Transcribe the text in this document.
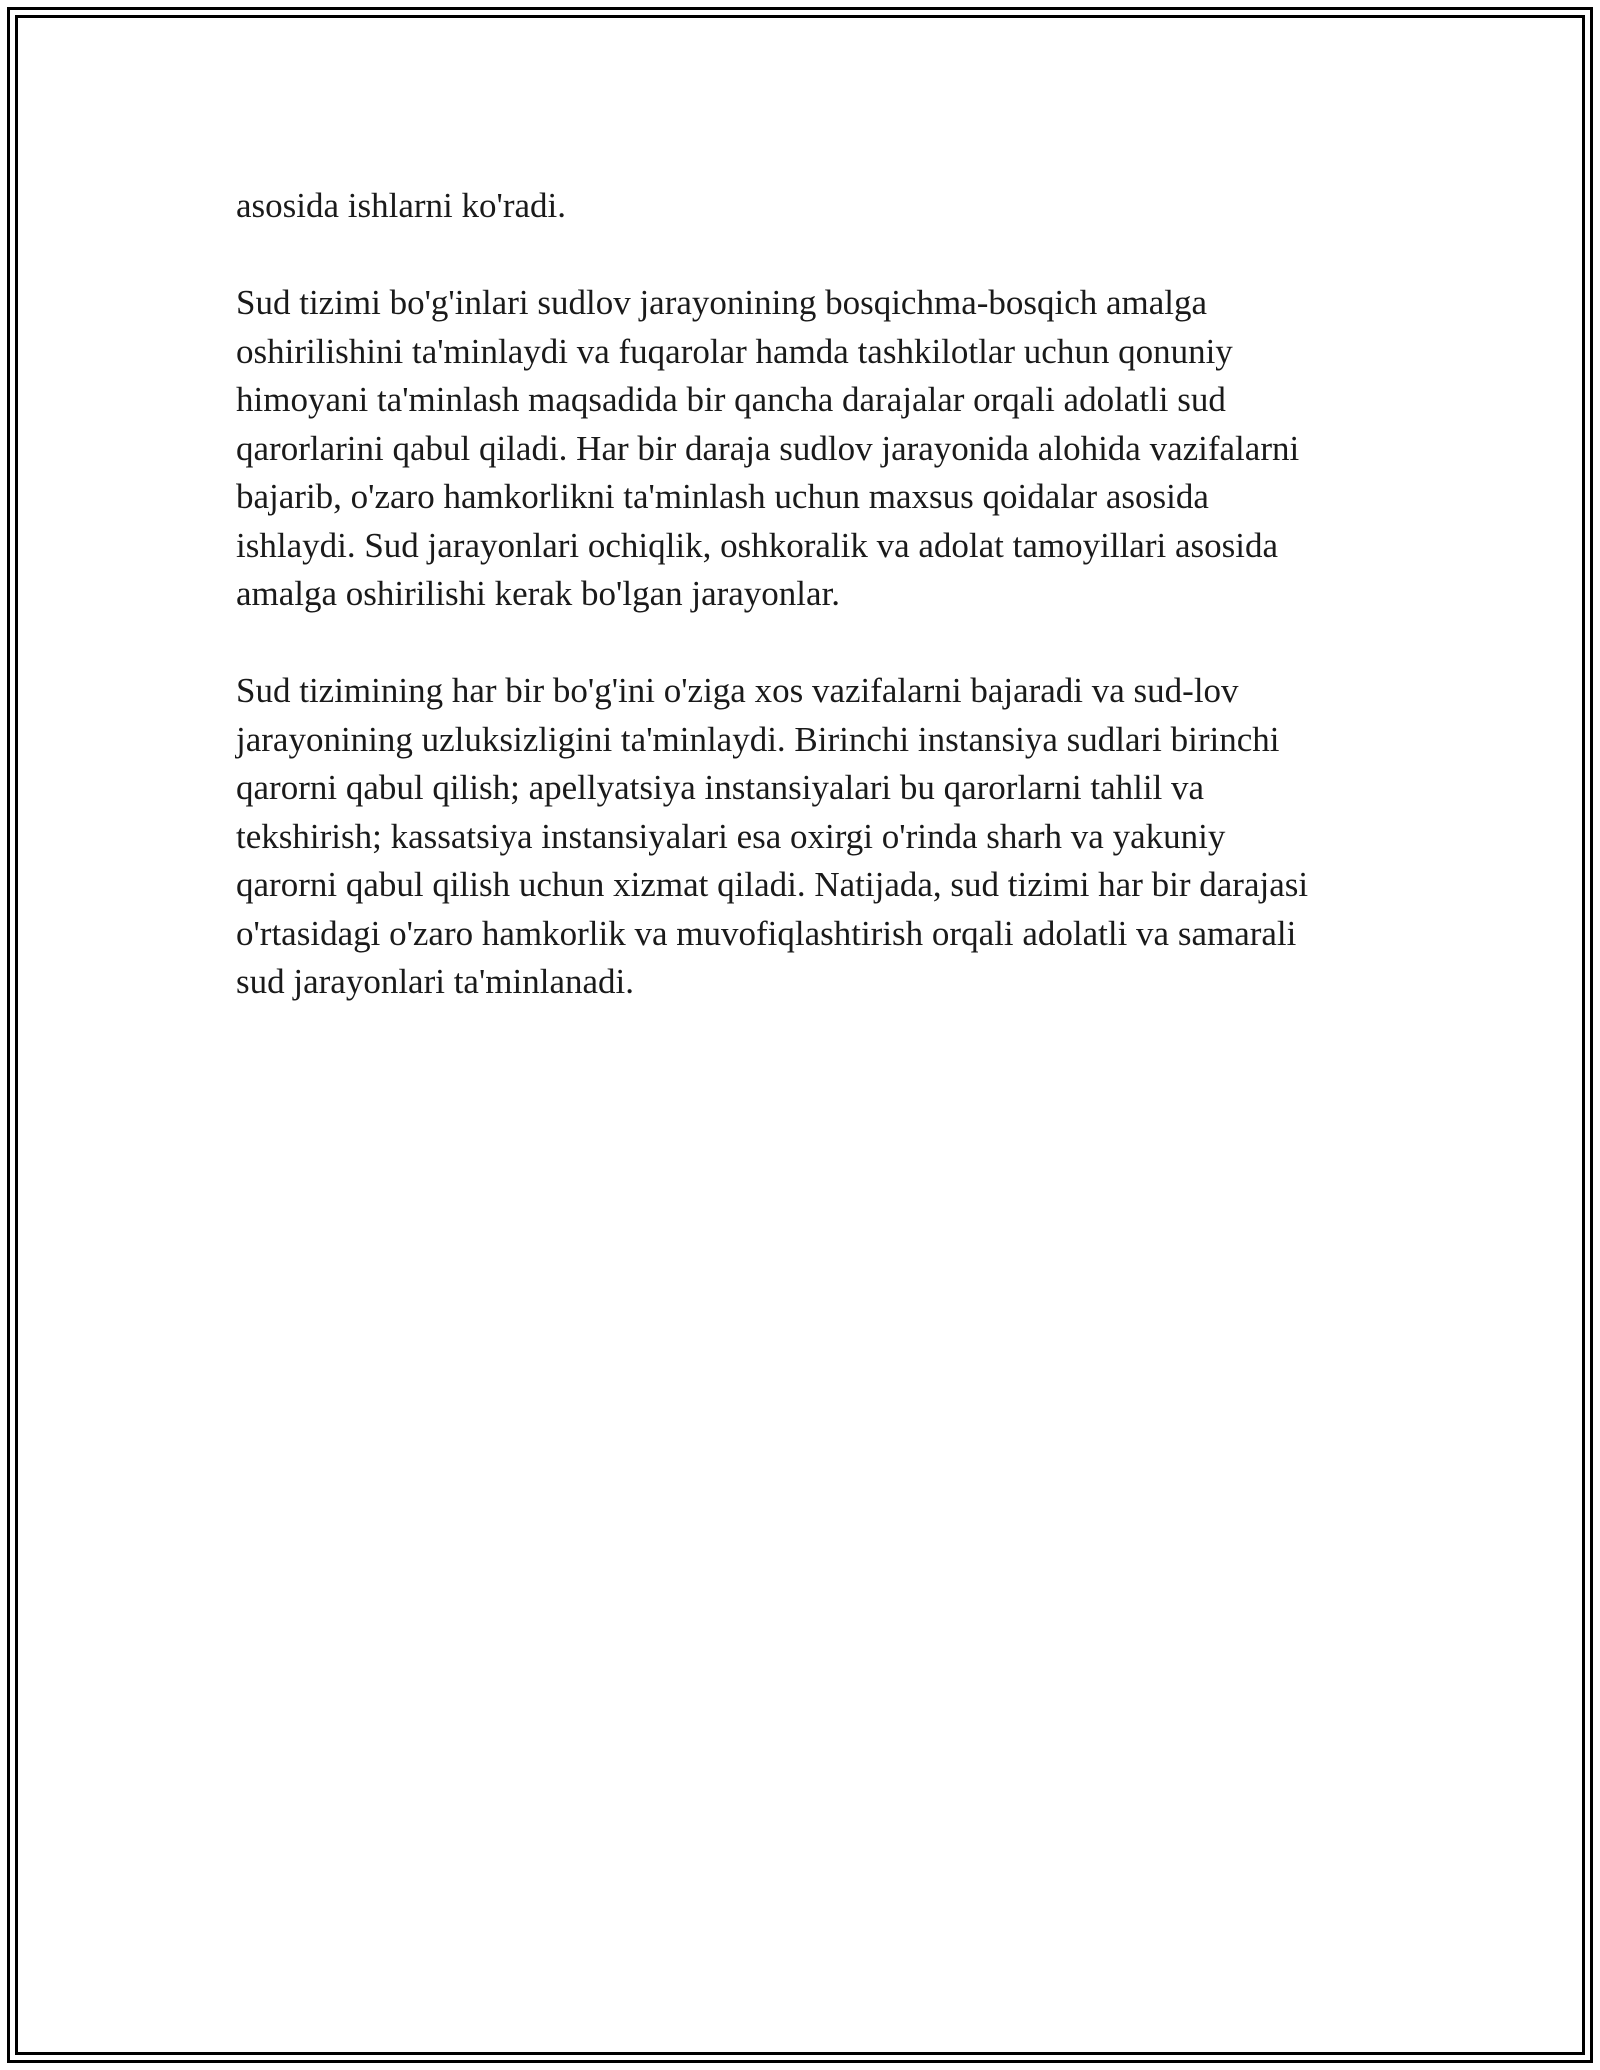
asosida ishlarni ko'radi.

Sud tizimi bo'g'inlari sudlov jarayonining bosqichma-bosqich amalga
oshirilishini ta'minlaydi va fuqarolar hamda tashkilotlar uchun qonuniy
himoyani ta'minlash maqsadida bir qancha darajalar orqali adolatli sud
qarorlarini qabul qiladi. Har bir daraja sudlov jarayonida alohida vazifalarni
bajarib, o'zaro hamkorlikni ta'minlash uchun maxsus qoidalar asosida
ishlaydi. Sud jarayonlari ochiqlik, oshkoralik va adolat tamoyillari asosida
amalga oshirilishi kerak bo'lgan jarayonlar.

Sud tizimining har bir bo'g'ini o'ziga xos vazifalarni bajaradi va sud-lov
jarayonining uzluksizligini ta'minlaydi. Birinchi instansiya sudlari birinchi
qarorni qabul qilish; apellyatsiya instansiyalari bu qarorlarni tahlil va
tekshirish; kassatsiya instansiyalari esa oxirgi o'rinda sharh va yakuniy
qarorni qabul qilish uchun xizmat qiladi. Natijada, sud tizimi har bir darajasi
o'rtasidagi o'zaro hamkorlik va muvofiqlashtirish orqali adolatli va samarali
sud jarayonlari ta'minlanadi.
